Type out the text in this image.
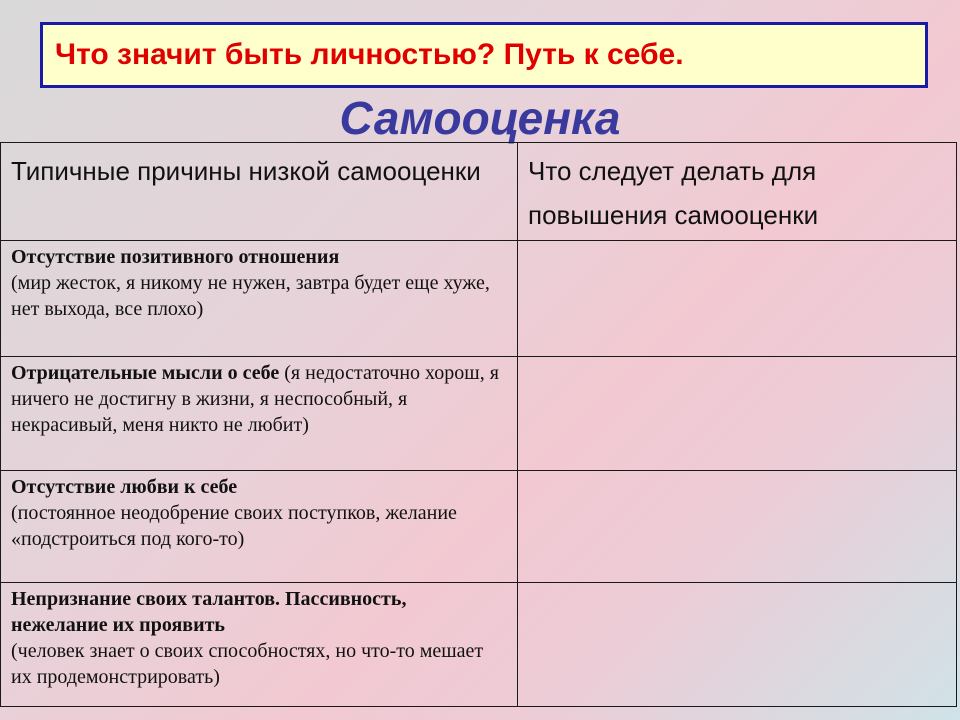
Что значит быть личностью? Путь к себе.
Самооценка
Типичные причины низкой самооценки	Что следует делать для повышения самооценки

Отсутствие позитивного отношения
(мир жесток, я никому не нужен, завтра будет еще хуже, нет выхода, все плохо)	

Отрицательные мысли о себе (я недостаточно хорош, я ничего не достигну в жизни, я неспособный, я некрасивый, меня никто не любит)	

Отсутствие любви к себе
(постоянное неодобрение своих поступков, желание «подстроиться под кого-то)	

Непризнание своих талантов. Пассивность, нежелание их проявить
(человек знает о своих способностях, но что-то мешает их продемонстрировать)	
